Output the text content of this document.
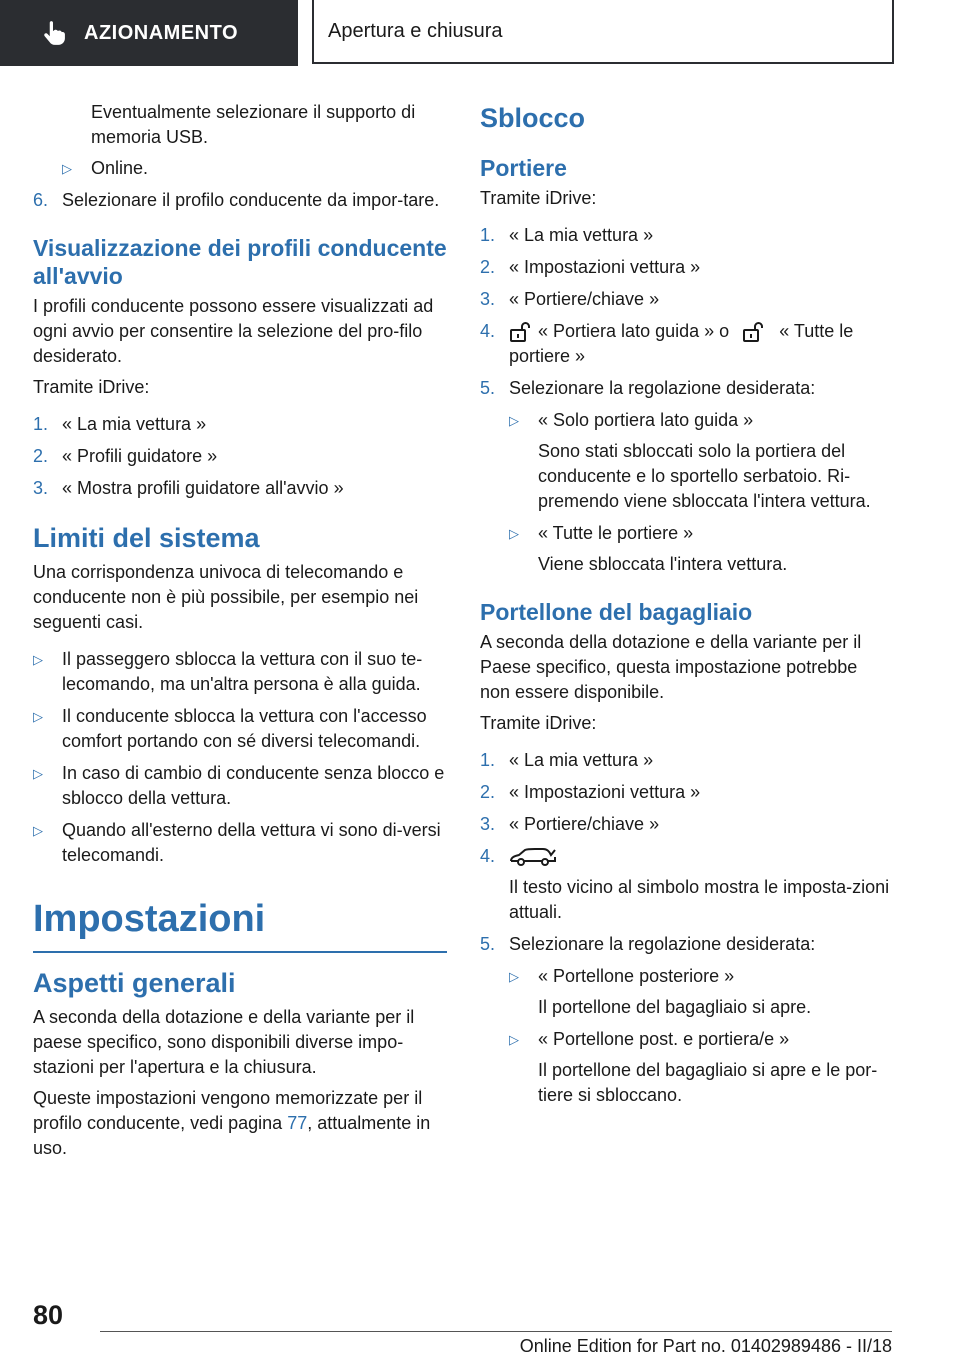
AZIONAMENTO	Apertura e chiusura

Eventualmente selezionare il supporto di memoria USB.

▷	Online.
6. Selezionare il profilo conducente da impor-tare.
Visualizzazione dei profili conducente all'avvio

I profili conducente possono essere visualizzati ad ogni avvio per consentire la selezione del pro-filo desiderato.

Tramite iDrive:

1. « La mia vettura »
2. « Profili guidatore »
3. « Mostra profili guidatore all'avvio »
Limiti del sistema

Una corrispondenza univoca di telecomando e conducente non è più possibile, per esempio nei seguenti casi.

▷	Il passeggero sblocca la vettura con il suo te-lecomando, ma un'altra persona è alla guida.
▷	Il conducente sblocca la vettura con l'accesso comfort portando con sé diversi telecomandi.
▷	In caso di cambio di conducente senza blocco e sblocco della vettura.
▷	Quando all'esterno della vettura vi sono di-versi telecomandi.
Impostazioni
Aspetti generali

A seconda della dotazione e della variante per il paese specifico, sono disponibili diverse impo-stazioni per l'apertura e la chiusura.

Queste impostazioni vengono memorizzate per il profilo conducente, vedi pagina 77, attualmente in uso.

Sblocco
Portiere

Tramite iDrive:

1. « La mia vettura »
2. « Impostazioni vettura »
3. « Portiere/chiave »
4.	« Portiera lato guida » o	« Tutte le portiere »
5. Selezionare la regolazione desiderata:
▷	« Solo portiera lato guida »

Sono stati sbloccati solo la portiera del conducente e lo sportello serbatoio. Ri-premendo viene sbloccata l'intera vettura.
▷	« Tutte le portiere »

Viene sbloccata l'intera vettura.
Portellone del bagagliaio

A seconda della dotazione e della variante per il Paese specifico, questa impostazione potrebbe non essere disponibile.

Tramite iDrive:

1. « La mia vettura »
2. « Impostazioni vettura »
3. « Portiere/chiave »
4.
Il testo vicino al simbolo mostra le imposta-zioni attuali.
5. Selezionare la regolazione desiderata:
▷	« Portellone posteriore »

Il portellone del bagagliaio si apre.
▷	« Portellone post. e portiera/e »

Il portellone del bagagliaio si apre e le por-tiere si sbloccano.
80
Online Edition for Part no. 01402989486 - II/18
